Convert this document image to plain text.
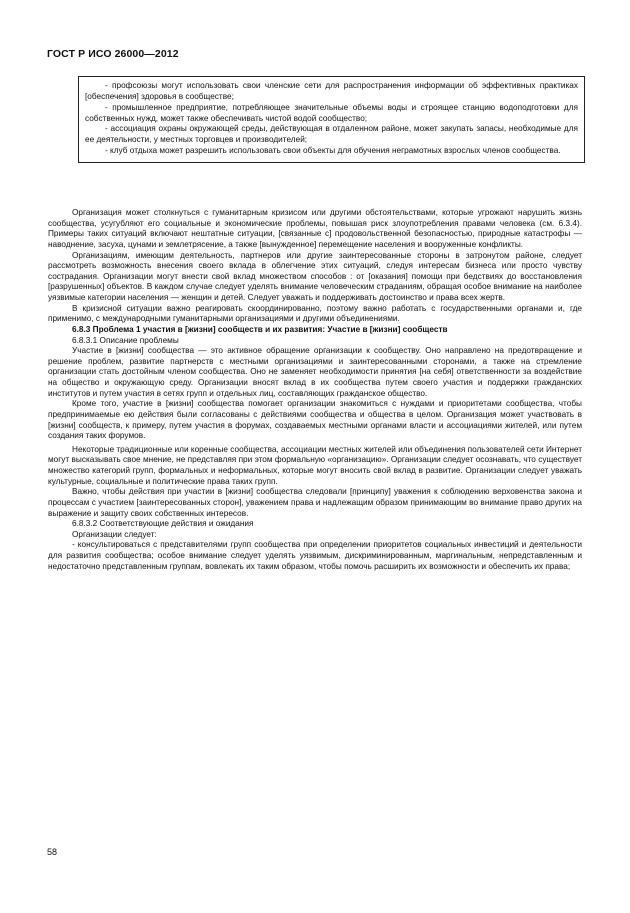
ГОСТ Р ИСО 26000—2012

- профсоюзы могут использовать свои членские сети для распространения информации об эффективных практиках [обеспечения] здоровья в сообществе;

- промышленное предприятие, потребляющее значительные объемы воды и строящее станцию водоподготовки для собственных нужд, может также обеспечивать чистой водой сообщество;

- ассоциация охраны окружающей среды, действующая в отдаленном районе, может закупать запасы, необходимые для ее деятельности, у местных торговцев и производителей;

- клуб отдыха может разрешить использовать свои объекты для обучения неграмотных взрослых членов сообщества.

Организация может столкнуться с гуманитарным кризисом или другими обстоятельствами, которые угрожают нарушить жизнь сообщества, усугубляют его социальные и экономические проблемы, повышая риск злоупотребления правами человека (см. 6.3.4). Примеры таких ситуаций включают нештатные ситуации, [связанные с] продовольственной безопасностью, природные катастрофы — наводнение, засуха, цунами и землетрясение, а также [вынужденное] перемещение населения и вооруженные конфликты.

Организациям, имеющим деятельность, партнеров или другие заинтересованные стороны в затронутом районе, следует рассмотреть возможность внесения своего вклада в облегчение этих ситуаций, следуя интересам бизнеса или просто чувству сострадания. Организации могут внести свой вклад множеством способов : от [оказания] помощи при бедствиях до восстановления [разрушенных] объектов. В каждом случае следует уделять внимание человеческим страданиям, обращая особое внимание на наиболее уязвимые категории населения — женщин и детей. Следует уважать и поддерживать достоинство и права всех жертв.

В кризисной ситуации важно реагировать скоординированно, поэтому важно работать с государственными органами и, где применимо, с международными гуманитарными организациями и другими объединениями.

6.8.3 Проблема 1 участия в [жизни] сообществ и их развития: Участие в [жизни] сообществ

6.8.3.1 Описание проблемы

Участие в [жизни] сообщества — это активное обращение организации к сообществу. Оно направлено на предотвращение и решение проблем, развитие партнерств с местными организациями и заинтересованными сторонами, а также на стремление организации стать достойным членом сообщества. Оно не заменяет необходимости принятия [на себя] ответственности за воздействие на общество и окружающую среду. Организации вносят вклад в их сообщества путем своего участия и поддержки гражданских институтов и путем участия в сетях групп и отдельных лиц, составляющих гражданское общество.

Кроме того, участие в [жизни] сообщества помогает организации знакомиться с нуждами и приоритетами сообщества, чтобы предпринимаемые ею действия были согласованы с действиями сообщества и общества в целом. Организация может участвовать в [жизни] сообществ, к примеру, путем участия в форумах, создаваемых местными органами власти и ассоциациями жителей, или путем создания таких форумов.

Некоторые традиционные или коренные сообщества, ассоциации местных жителей или объединения пользователей сети Интернет могут высказывать свое мнение, не представляя при этом формальную «организацию». Организации следует осознавать, что существует множество категорий групп, формальных и неформальных, которые могут вносить свой вклад в развитие. Организации следует уважать культурные, социальные и политические права таких групп.

Важно, чтобы действия при участии в [жизни] сообщества следовали [принципу] уважения к соблюдению верховенства закона и процессам с участием [заинтересованных сторон], уважением права и надлежащим образом принимающим во внимание право других на выражение и защиту своих собственных интересов.

6.8.3.2 Соответствующие действия и ожидания

Организации следует:

- консультироваться с представителями групп сообщества при определении приоритетов социальных инвестиций и деятельности для развития сообщества; особое внимание следует уделять уязвимым, дискриминированным, маргинальным, непредставленным и недостаточно представленным группам, вовлекать их таким образом, чтобы помочь расширить их возможности и обеспечить их права;

58
